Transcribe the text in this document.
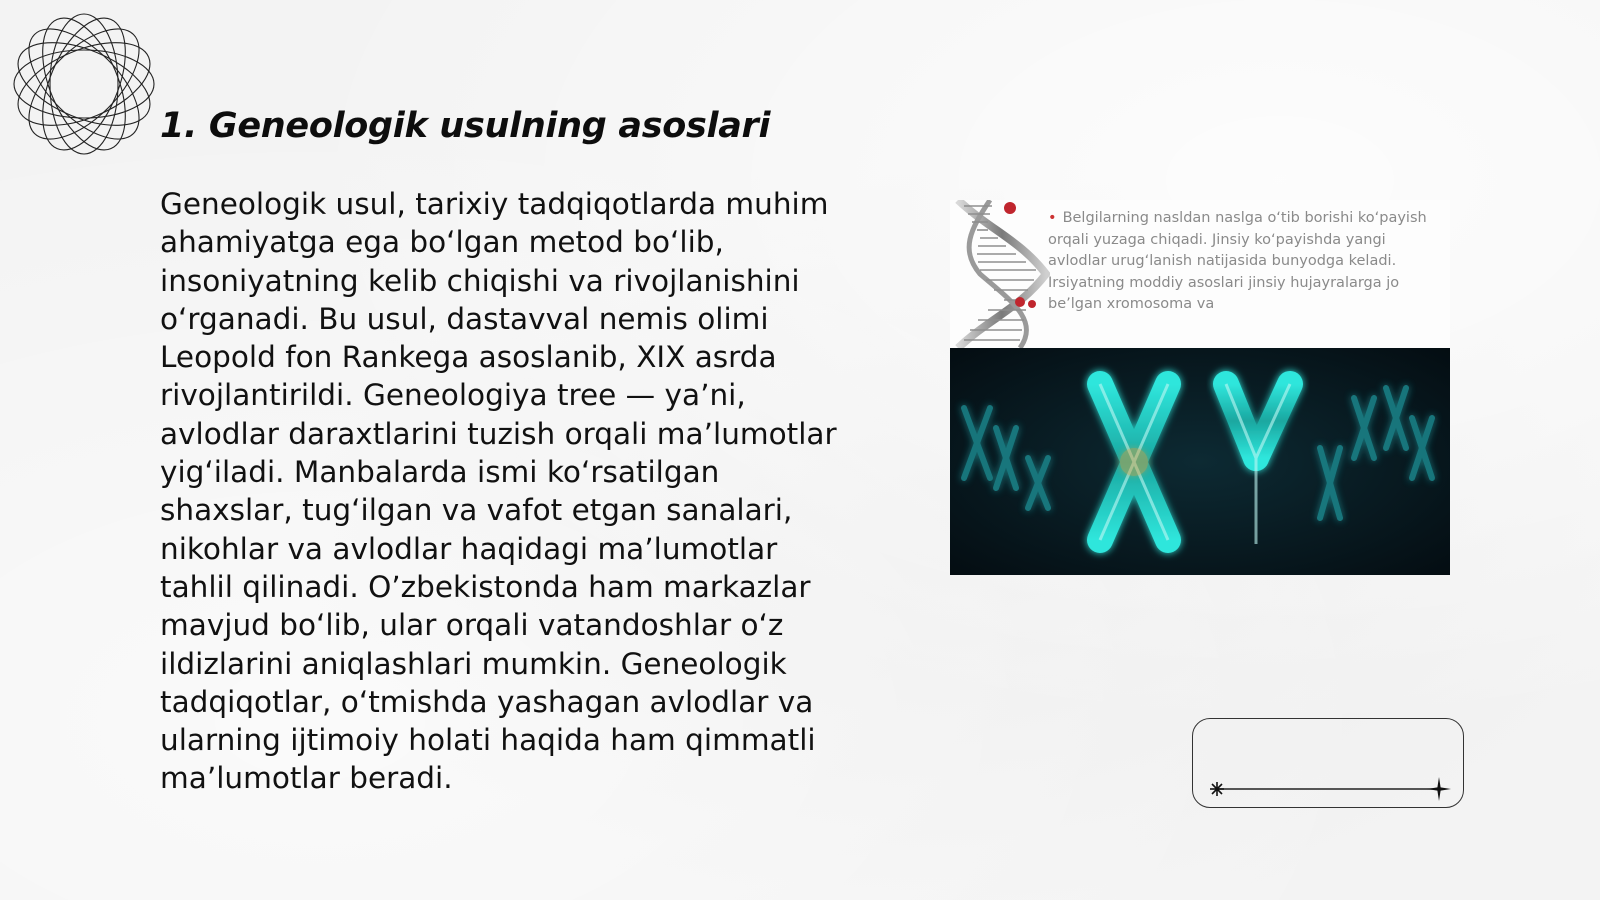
1. Geneologik usulning asoslari

Geneologik usul, tarixiy tadqiqotlarda muhim ahamiyatga ega bo‘lgan metod bo‘lib, insoniyatning kelib chiqishi va rivojlanishini o‘rganadi. Bu usul, dastavval nemis olimi Leopold fon Rankega asoslanib, XIX asrda rivojlantirildi. Geneologiya tree — ya’ni, avlodlar daraxtlarini tuzish orqali ma’lumotlar yig‘iladi. Manbalarda ismi ko‘rsatilgan shaxslar, tug‘ilgan va vafot etgan sanalari, nikohlar va avlodlar haqidagi ma’lumotlar tahlil qilinadi. O’zbekistonda ham markazlar mavjud bo‘lib, ular orqali vatandoshlar o‘z ildizlarini aniqlashlari mumkin. Geneologik tadqiqotlar, o‘tmishda yashagan avlodlar va ularning ijtimoiy holati haqida ham qimmatli ma’lumotlar beradi.

• Belgilarning nasldan naslga o‘tib borishi ko‘payish orqali yuzaga chiqadi. Jinsiy ko‘payishda yangi avlodlar urug‘lanish natijasida bunyodga keladi. Irsiyatning moddiy asoslari jinsiy hujayralarga jo be’lgan xromosoma va
